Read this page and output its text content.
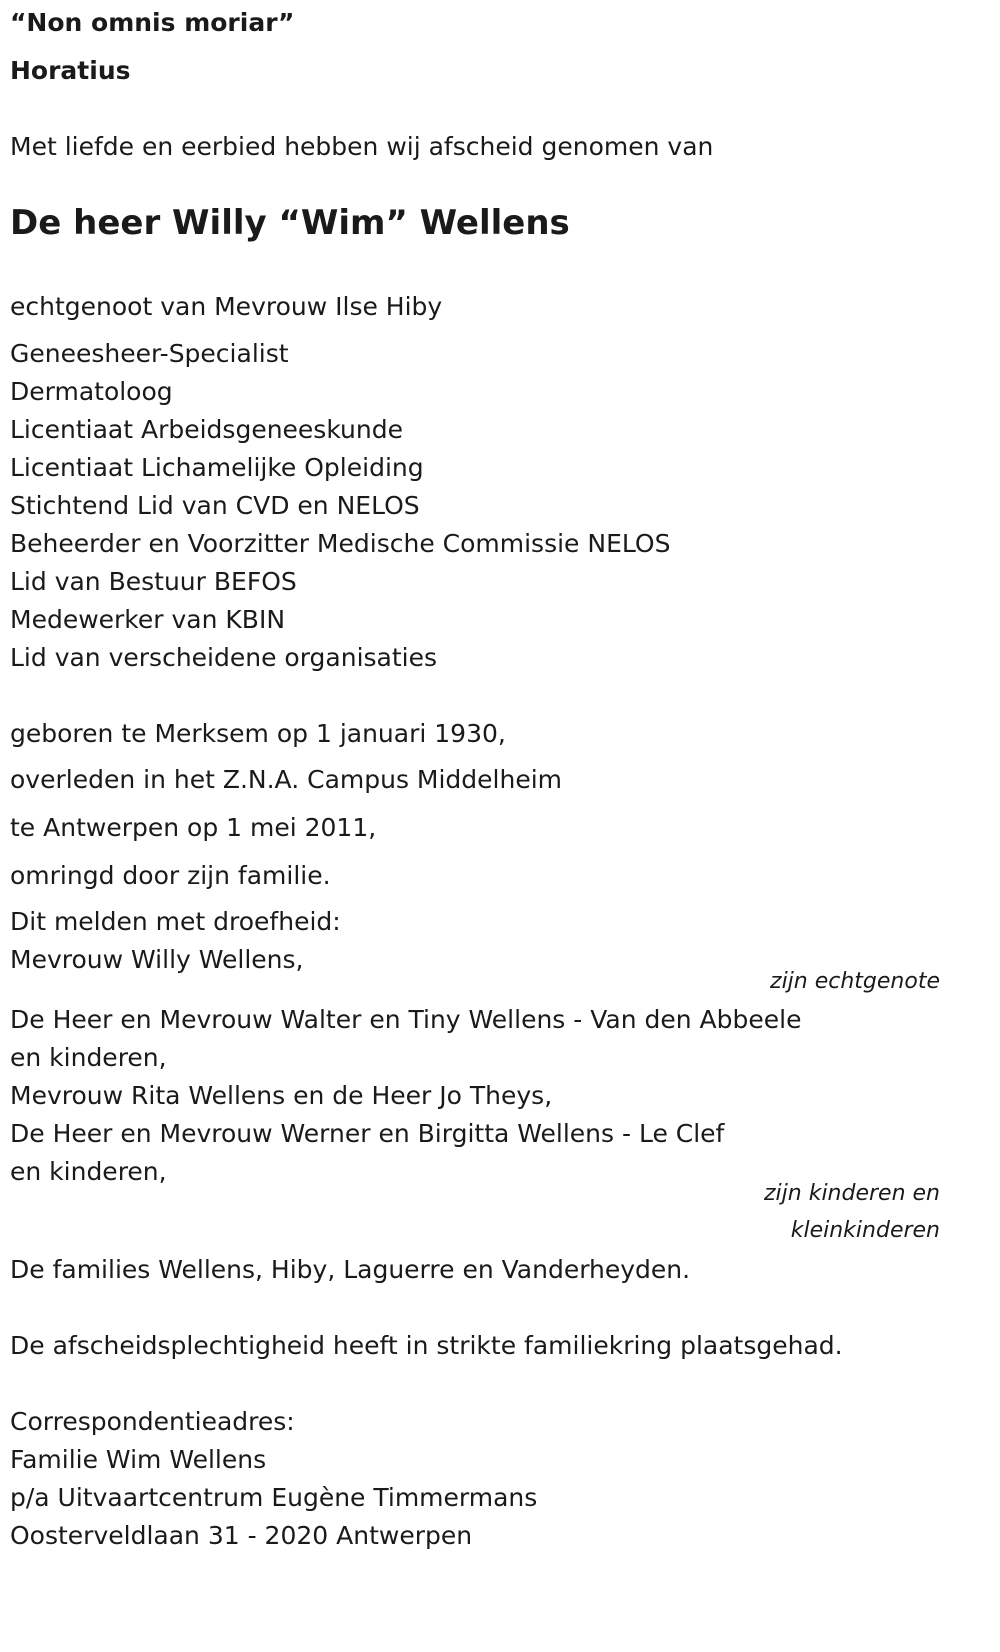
“Non omnis moriar”
Horatius
Met liefde en eerbied hebben wij afscheid genomen van
De heer Willy “Wim” Wellens
echtgenoot van Mevrouw Ilse Hiby
Geneesheer-Specialist
Dermatoloog
Licentiaat Arbeidsgeneeskunde
Licentiaat Lichamelijke Opleiding
Stichtend Lid van CVD en NELOS
Beheerder en Voorzitter Medische Commissie NELOS
Lid van Bestuur BEFOS
Medewerker van KBIN
Lid van verscheidene organisaties
geboren te Merksem op 1 januari 1930,
overleden in het Z.N.A. Campus Middelheim
te Antwerpen op 1 mei 2011,
omringd door zijn familie.
Dit melden met droefheid:
Mevrouw Willy Wellens,
zijn echtgenote
De Heer en Mevrouw Walter en Tiny Wellens - Van den Abbeele
en kinderen,
Mevrouw Rita Wellens en de Heer Jo Theys,
De Heer en Mevrouw Werner en Birgitta Wellens - Le Clef
en kinderen,
zijn kinderen en
kleinkinderen
De families Wellens, Hiby, Laguerre en Vanderheyden.
De afscheidsplechtigheid heeft in strikte familiekring plaatsgehad.
Correspondentieadres:
Familie Wim Wellens
p/a Uitvaartcentrum Eugène Timmermans
Oosterveldlaan 31 - 2020 Antwerpen
